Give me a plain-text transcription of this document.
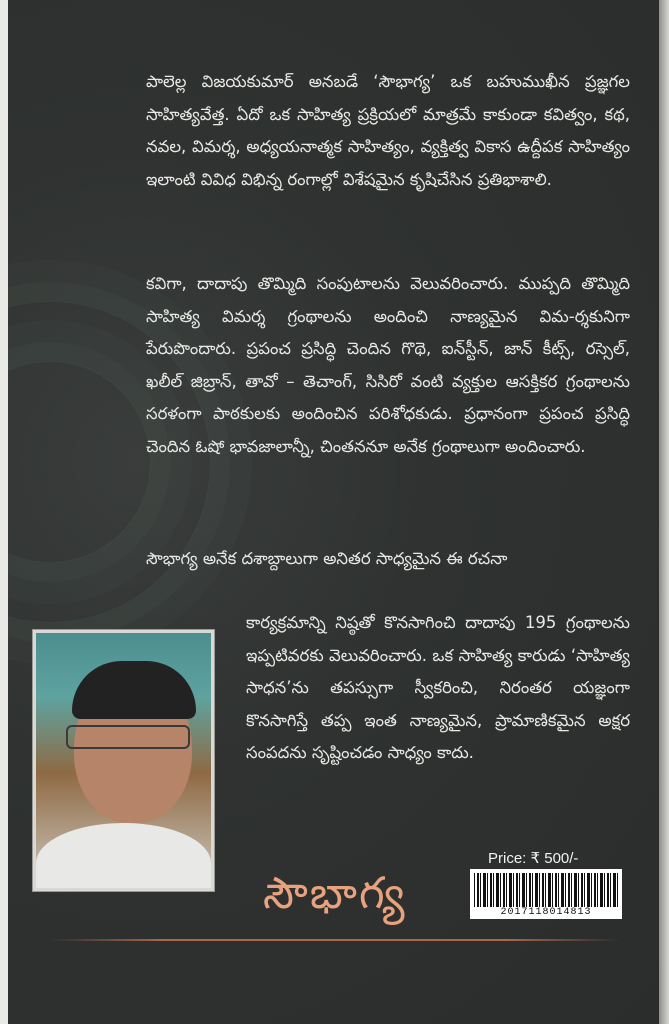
పాలెల్ల విజయకుమార్ అనబడే ‘సౌభాగ్య’ ఒక బహుముఖీన ప్రజ్ఞగల సాహిత్యవేత్త. ఏదో ఒక సాహిత్య ప్రక్రియలో మాత్రమే కాకుండా కవిత్వం, కథ, నవల, విమర్శ, అధ్యయనాత్మక సాహిత్యం, వ్యక్తిత్వ వికాస ఉద్దీపక సాహిత్యం ఇలాంటి వివిధ విభిన్న రంగాల్లో విశేషమైన కృషిచేసిన ప్రతిభాశాలి.

కవిగా, దాదాపు తొమ్మిది సంపుటాలను వెలువరించారు. ముప్పది తొమ్మిది సాహిత్య విమర్శ గ్రంథాలను అందించి నాణ్యమైన విమ-ర్శకునిగా పేరుపొందారు. ప్రపంచ ప్రసిద్ధి చెందిన గొథె, ఐన్‌స్టీన్, జాన్ కీట్స్, రస్సెల్, ఖలీల్ జిబ్రాన్, తావో – తెచాంగ్, సిసిరో వంటి వ్యక్తుల ఆసక్తికర గ్రంథాలను సరళంగా పాఠకులకు అందించిన పరిశోధకుడు. ప్రధానంగా ప్రపంచ ప్రసిద్ధి చెందిన ఓషో భావజాలాన్నీ, చింతననూ అనేక గ్రంథాలుగా అందించారు.

సౌభాగ్య అనేక దశాబ్దాలుగా అనితర సాధ్యమైన ఈ రచనా

కార్యక్రమాన్ని నిష్ఠతో కొనసాగించి దాదాపు 195 గ్రంథాలను ఇప్పటివరకు వెలువరించారు. ఒక సాహిత్య కారుడు ‘సాహిత్య సాధన’ను తపస్సుగా స్వీకరించి, నిరంతర యజ్ఞంగా కొనసాగిస్తే తప్ప ఇంత నాణ్యమైన, ప్రామాణికమైన అక్షర సంపదను సృష్టించడం సాధ్యం కాదు.

సౌభాగ్య
Price: ₹ 500/-
2017118014813
